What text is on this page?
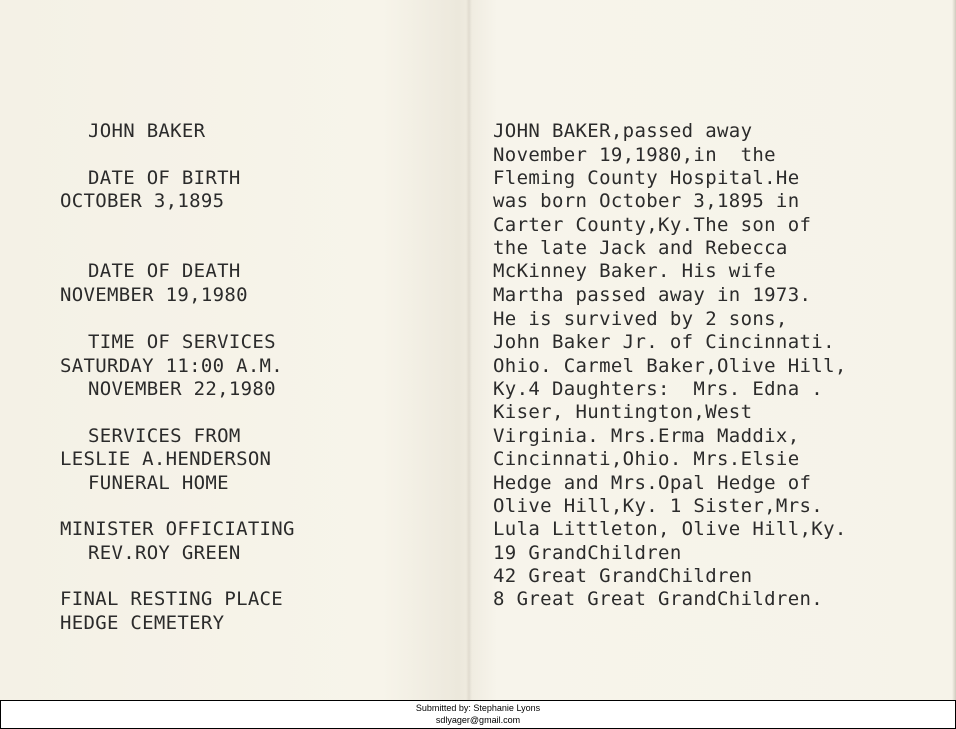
JOHN BAKER

DATE OF BIRTH

OCTOBER 3,1895

DATE OF DEATH

NOVEMBER 19,1980

TIME OF SERVICES

SATURDAY 11:00 A.M.

NOVEMBER 22,1980

SERVICES FROM

LESLIE A.HENDERSON

FUNERAL HOME

MINISTER OFFICIATING

REV.ROY GREEN

FINAL RESTING PLACE

HEDGE CEMETERY

JOHN BAKER,passed away

November 19,1980,in  the

Fleming County Hospital.He

was born October 3,1895 in

Carter County,Ky.The son of

the late Jack and Rebecca

McKinney Baker. His wife

Martha passed away in 1973.

He is survived by 2 sons,

John Baker Jr. of Cincinnati.

Ohio. Carmel Baker,Olive Hill,

Ky.4 Daughters:  Mrs. Edna .

Kiser, Huntington,West

Virginia. Mrs.Erma Maddix,

Cincinnati,Ohio. Mrs.Elsie

Hedge and Mrs.Opal Hedge of

Olive Hill,Ky. 1 Sister,Mrs.

Lula Littleton, Olive Hill,Ky.

19 GrandChildren

42 Great GrandChildren

8 Great Great GrandChildren.

Submitted by: Stephanie Lyons
sdlyager@gmail.com
